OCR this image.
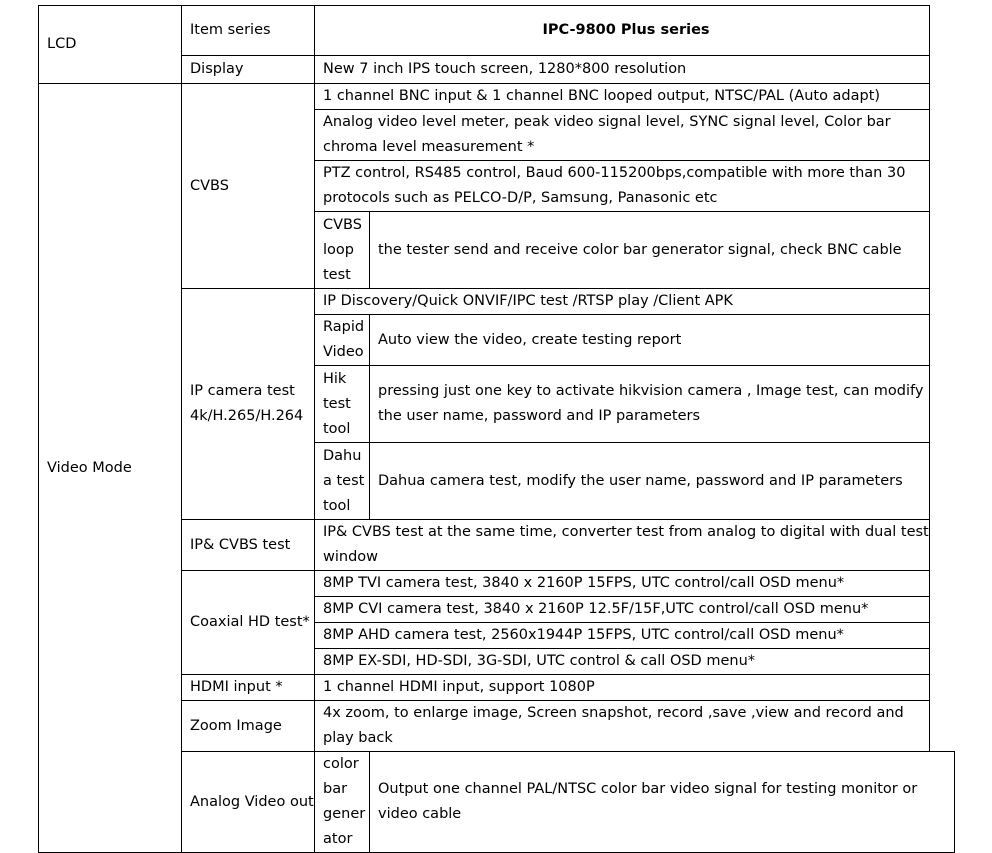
LCD	Item series	IPC-9800 Plus series	
	Display	New 7 inch IPS touch screen, 1280*800 resolution	
Video Mode	CVBS	1 channel BNC input & 1 channel BNC looped output, NTSC/PAL (Auto adapt)	
		Analog video level meter, peak video signal level, SYNC signal level, Color bar chroma level measurement *	
		PTZ control, RS485 control, Baud 600-115200bps,compatible with more than 30 protocols such as PELCO-D/P, Samsung, Panasonic etc	
		CVBS loop test	the tester send and receive color bar generator signal, check BNC cable
	IP camera test 4k/H.265/H.264	IP Discovery/Quick ONVIF/IPC test /RTSP play /Client APK	
		Rapid Video	Auto view the video, create testing report
		Hik test tool	pressing just one key to activate hikvision camera , Image test, can modify the user name, password and IP parameters
		Dahua test tool	Dahua camera test, modify the user name, password and IP parameters
	IP& CVBS test	IP& CVBS test at the same time, converter test from analog to digital with dual test window	
	Coaxial HD test*	8MP TVI camera test, 3840 x 2160P 15FPS, UTC control/call OSD menu*	
		8MP CVI camera test, 3840 x 2160P 12.5F/15F,UTC control/call OSD menu*	
		8MP AHD camera test, 2560x1944P 15FPS, UTC control/call OSD menu*	
		8MP EX-SDI, HD-SDI, 3G-SDI, UTC control & call OSD menu*	
	HDMI input *	1 channel HDMI input, support 1080P	
	Zoom Image	4x zoom, to enlarge image, Screen snapshot, record ,save ,view and record and play back	
	Analog Video out	color bar generator	Output one channel PAL/NTSC color bar video signal for testing monitor or video cable
